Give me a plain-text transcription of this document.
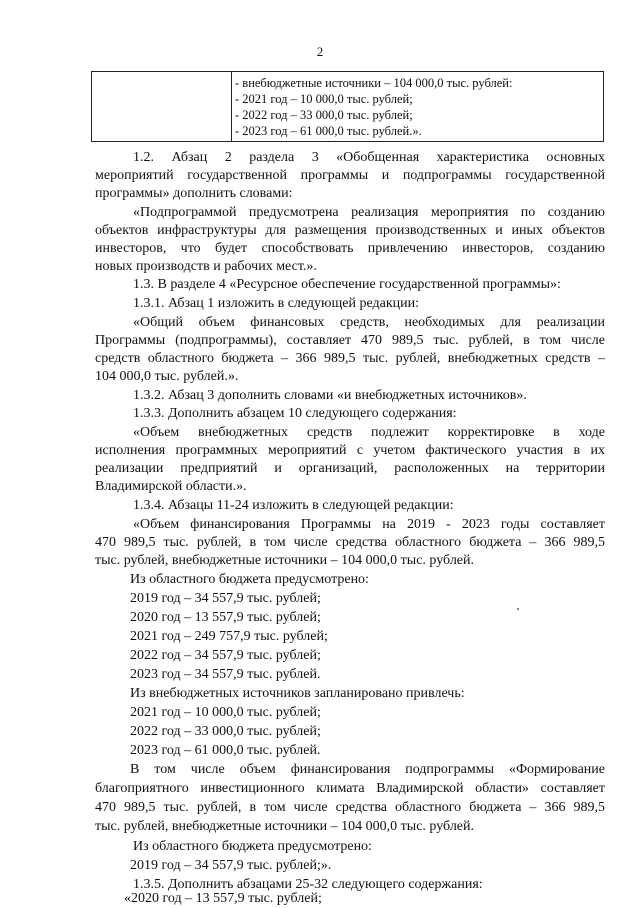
2

- внебюджетные источники – 104 000,0 тыс. рублей:
- 2021 год – 10 000,0 тыс. рублей;
- 2022 год – 33 000,0 тыс. рублей;
- 2023 год – 61 000,0 тыс. рублей.».

1.2. Абзац 2 раздела 3 «Обобщенная характеристика основных

мероприятий государственной программы и подпрограммы государственной

программы» дополнить словами:

«Подпрограммой предусмотрена реализация мероприятия по созданию

объектов инфраструктуры для размещения производственных и иных объектов

инвесторов, что будет способствовать привлечению инвесторов, созданию

новых производств и рабочих мест.».

1.3. В разделе 4 «Ресурсное обеспечение государственной программы»:

1.3.1. Абзац 1 изложить в следующей редакции:

«Общий объем финансовых средств, необходимых для реализации

Программы (подпрограммы), составляет 470 989,5 тыс. рублей, в том числе

средств областного бюджета – 366 989,5 тыс. рублей, внебюджетных средств –

104 000,0 тыс. рублей.».

1.3.2. Абзац 3 дополнить словами «и внебюджетных источников».

1.3.3. Дополнить абзацем 10 следующего содержания:

«Объем внебюджетных средств подлежит корректировке в ходе

исполнения программных мероприятий с учетом фактического участия в их

реализации предприятий и организаций, расположенных на территории

Владимирской области.».

1.3.4. Абзацы 11-24 изложить в следующей редакции:

«Объем финансирования Программы на 2019 - 2023 годы составляет

470 989,5 тыс. рублей, в том числе средства областного бюджета – 366 989,5

тыс. рублей, внебюджетные источники – 104 000,0 тыс. рублей.

Из областного бюджета предусмотрено:

2019 год – 34 557,9 тыс. рублей;

2020 год – 13 557,9 тыс. рублей;

2021 год – 249 757,9 тыс. рублей;

2022 год – 34 557,9 тыс. рублей;

2023 год – 34 557,9 тыс. рублей.

Из внебюджетных источников запланировано привлечь:

2021 год – 10 000,0 тыс. рублей;

2022 год – 33 000,0 тыс. рублей;

2023 год – 61 000,0 тыс. рублей.

В том числе объем финансирования подпрограммы «Формирование

благоприятного инвестиционного климата Владимирской области» составляет

470 989,5 тыс. рублей, в том числе средства областного бюджета – 366 989,5

тыс. рублей, внебюджетные источники – 104 000,0 тыс. рублей.

Из областного бюджета предусмотрено:

2019 год – 34 557,9 тыс. рублей;».

1.3.5. Дополнить абзацами 25-32 следующего содержания:

«2020 год – 13 557,9 тыс. рублей;
